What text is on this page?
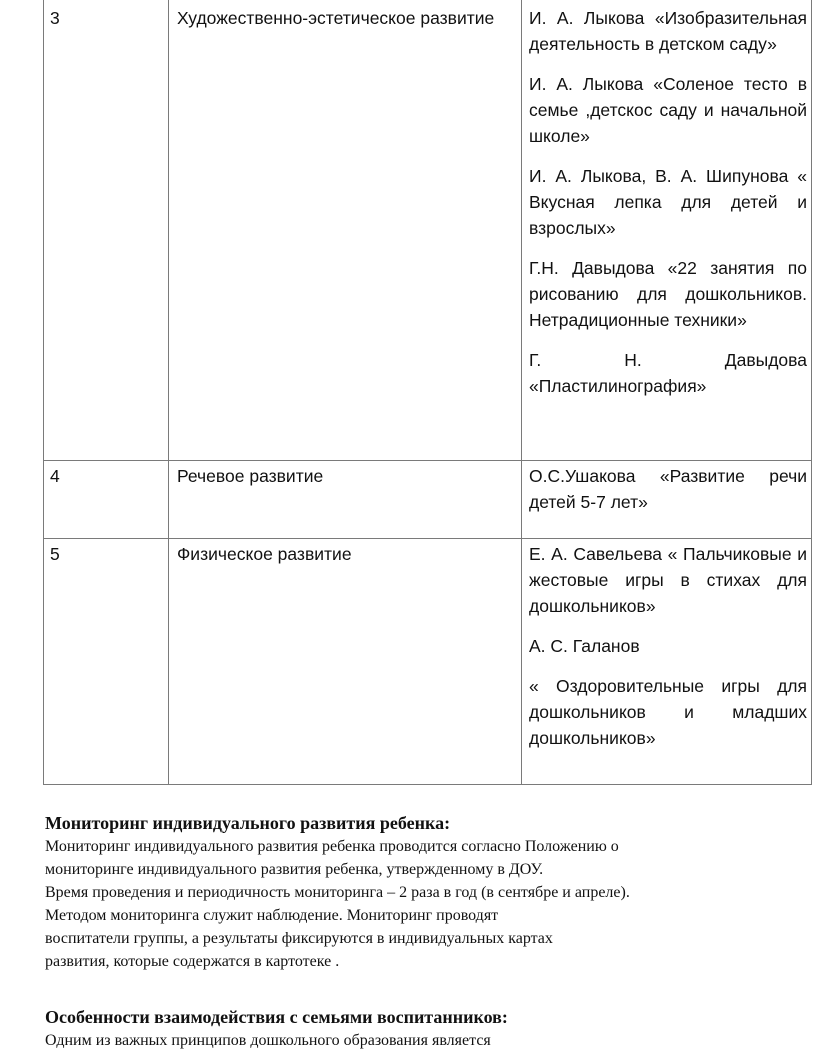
3	Художественно-эстетическое развитие	И. А. Лыкова «Изобразительная деятельность в детском саду»

И. А. Лыкова «Соленое тесто в семье ,детскос саду и начальной школе»

И. А. Лыкова, В. А. Шипунова « Вкусная лепка для детей и взрослых»

Г.Н. Давыдова «22 занятия по рисованию для дошкольников. Нетрадиционные техники»

Г. Н. Давыдова «Пластилинография»

4	Речевое развитие	О.С.Ушакова «Развитие речи детей 5-7 лет»

5	Физическое развитие	Е. А. Савельева « Пальчиковые и жестовые игры в стихах для дошкольников»

А. С. Галанов

« Оздоровительные игры для дошкольников и младших дошкольников»

Мониторинг индивидуального развития ребенка:

Мониторинг индивидуального развития ребенка проводится согласно Положению о

мониторинге индивидуального развития ребенка, утвержденному в ДОУ.

Время проведения и периодичность мониторинга – 2 раза в год (в сентябре и апреле).

Методом мониторинга служит наблюдение. Мониторинг проводят

воспитатели группы, а результаты фиксируются в индивидуальных картах

развития, которые содержатся в картотеке .

Особенности взаимодействия с семьями воспитанников:

Одним из важных принципов дошкольного образования является
